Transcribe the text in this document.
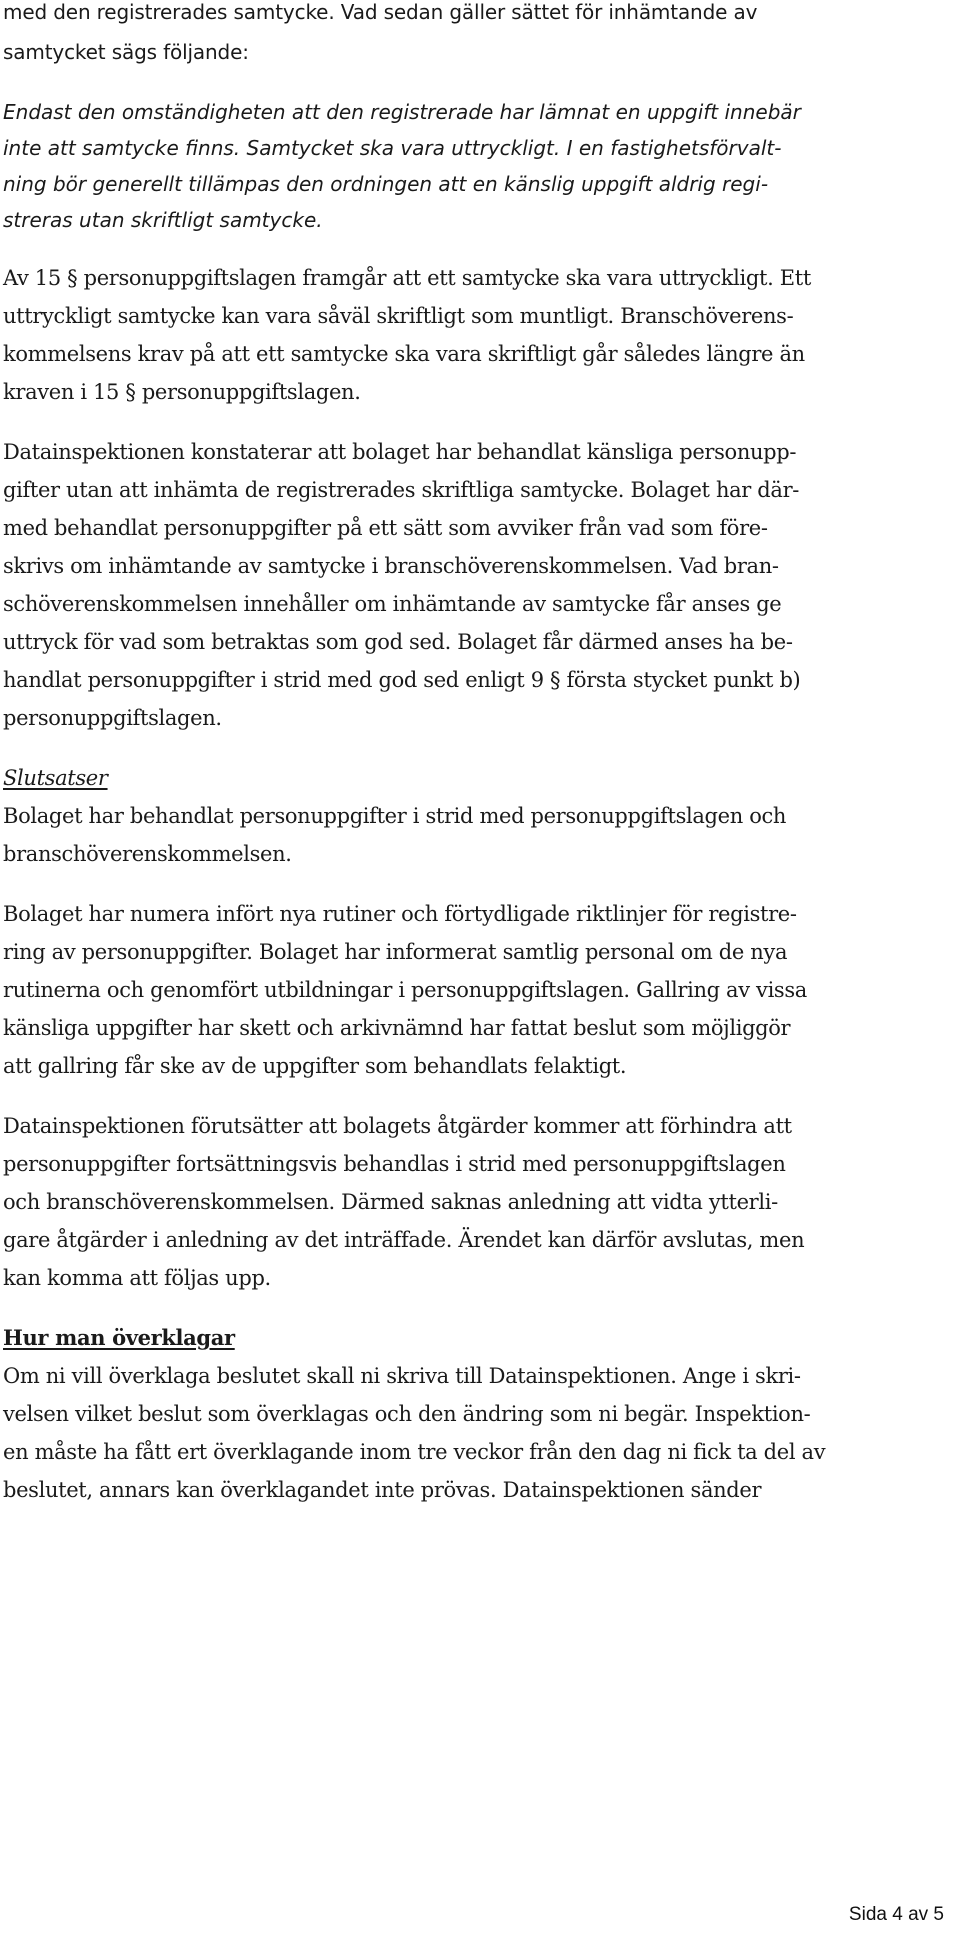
med den registrerades samtycke. Vad sedan gäller sättet för inhämtande av
samtycket sägs följande:
Endast den omständigheten att den registrerade har lämnat en uppgift innebär
inte att samtycke finns. Samtycket ska vara uttryckligt. I en fastighetsförvalt-
ning bör generellt tillämpas den ordningen att en känslig uppgift aldrig regi-
streras utan skriftligt samtycke.
Av 15 § personuppgiftslagen framgår att ett samtycke ska vara uttryckligt. Ett
uttryckligt samtycke kan vara såväl skriftligt som muntligt. Branschöverens-
kommelsens krav på att ett samtycke ska vara skriftligt går således längre än
kraven i 15 § personuppgiftslagen.
Datainspektionen konstaterar att bolaget har behandlat känsliga personupp-
gifter utan att inhämta de registrerades skriftliga samtycke. Bolaget har där-
med behandlat personuppgifter på ett sätt som avviker från vad som före-
skrivs om inhämtande av samtycke i branschöverenskommelsen. Vad bran-
schöverenskommelsen innehåller om inhämtande av samtycke får anses ge
uttryck för vad som betraktas som god sed. Bolaget får därmed anses ha be-
handlat personuppgifter i strid med god sed enligt 9 § första stycket punkt b)
personuppgiftslagen.
Slutsatser
Bolaget har behandlat personuppgifter i strid med personuppgiftslagen och
branschöverenskommelsen.
Bolaget har numera infört nya rutiner och förtydligade riktlinjer för registre-
ring av personuppgifter. Bolaget har informerat samtlig personal om de nya
rutinerna och genomfört utbildningar i personuppgiftslagen. Gallring av vissa
känsliga uppgifter har skett och arkivnämnd har fattat beslut som möjliggör
att gallring får ske av de uppgifter som behandlats felaktigt.
Datainspektionen förutsätter att bolagets åtgärder kommer att förhindra att
personuppgifter fortsättningsvis behandlas i strid med personuppgiftslagen
och branschöverenskommelsen. Därmed saknas anledning att vidta ytterli-
gare åtgärder i anledning av det inträffade. Ärendet kan därför avslutas, men
kan komma att följas upp.
Hur man överklagar
Om ni vill överklaga beslutet skall ni skriva till Datainspektionen. Ange i skri-
velsen vilket beslut som överklagas och den ändring som ni begär. Inspektion-
en måste ha fått ert överklagande inom tre veckor från den dag ni fick ta del av
beslutet, annars kan överklagandet inte prövas. Datainspektionen sänder
Sida 4 av 5
